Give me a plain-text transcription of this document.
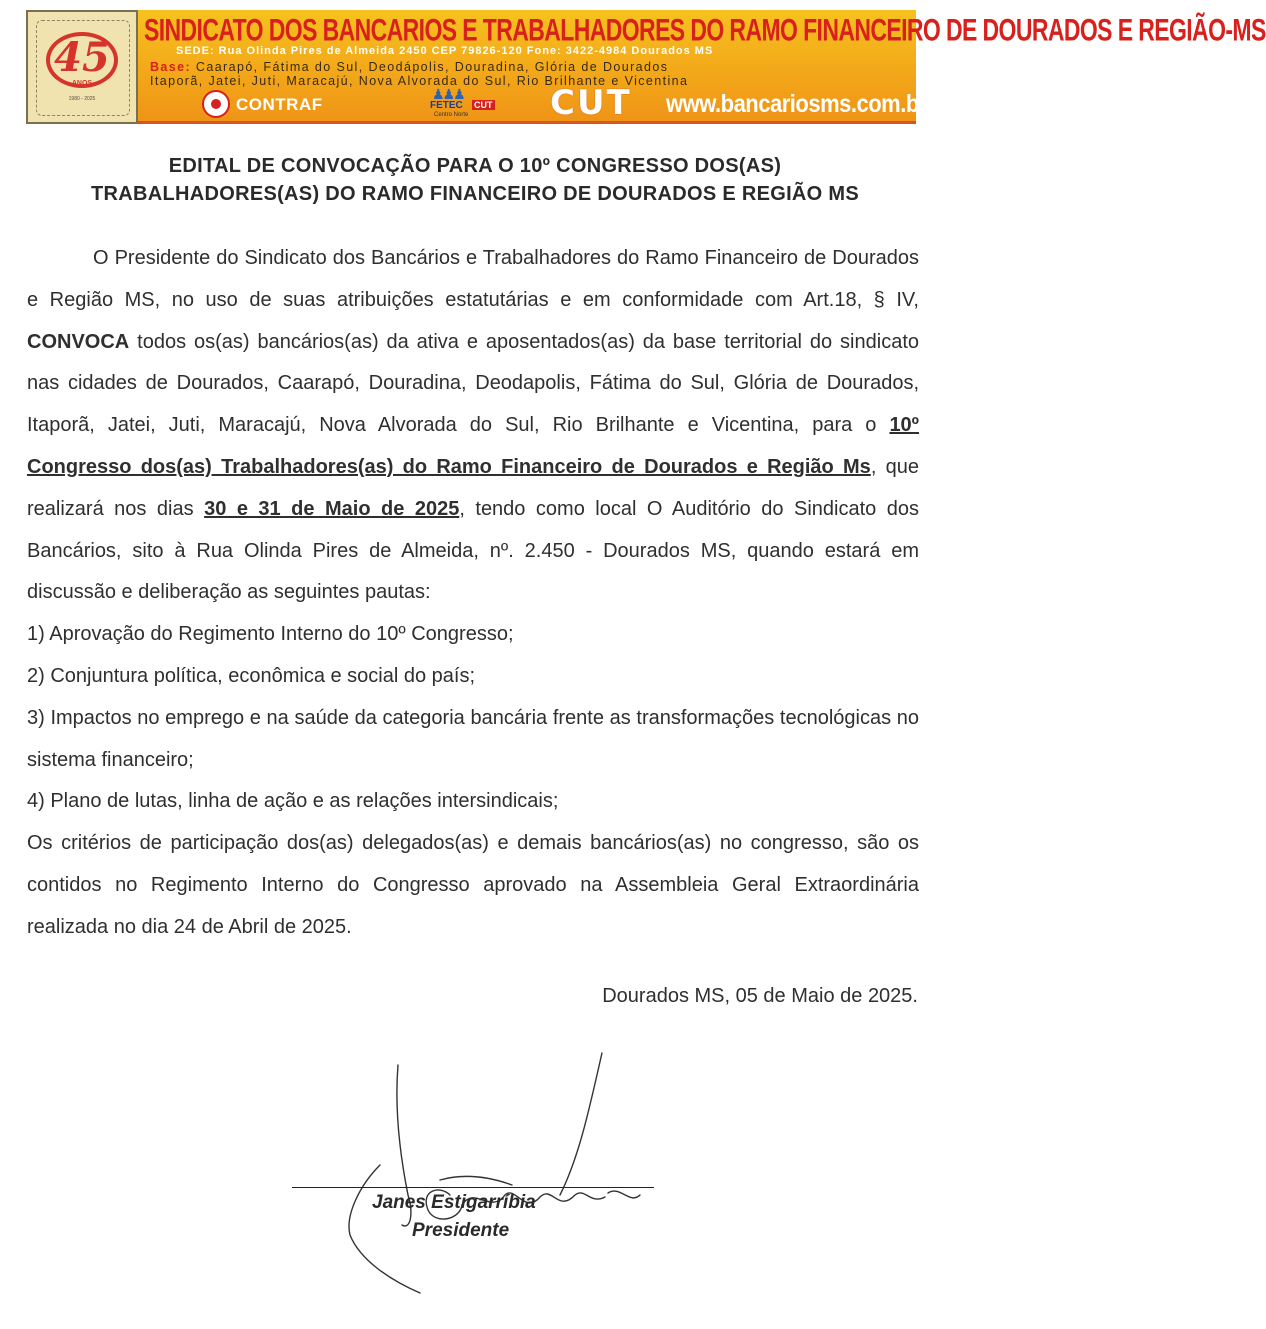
45
ANOS
1980 - 2025
SINDICATO DOS BANCARIOS E TRABALHADORES DO RAMO FINANCEIRO DE DOURADOS E REGIÃO-MS
SEDE: Rua Olinda Pires de Almeida 2450 CEP 79826-120 Fone: 3422-4984 Dourados MS
Base: Caarapó, Fátima do Sul, Deodápolis, Douradina, Glória de Dourados
Itaporã, Jatei, Juti, Maracajú, Nova Alvorada do Sul, Rio Brilhante e Vicentina
CONTRAF
♟♟♟
FETEC CUT
Centro Norte CUT www.bancariosms.com.br
EDITAL DE CONVOCAÇÃO PARA O 10º CONGRESSO DOS(AS)
TRABALHADORES(AS) DO RAMO FINANCEIRO DE DOURADOS E REGIÃO MS

O Presidente do Sindicato dos Bancários e Trabalhadores do Ramo Financeiro de Dourados e Região MS, no uso de suas atribuições estatutárias e em conformidade com Art.18, § IV, CONVOCA todos os(as) bancários(as) da ativa e aposentados(as) da base territorial do sindicato nas cidades de Dourados, Caarapó, Douradina, Deodapolis, Fátima do Sul, Glória de Dourados, Itaporã, Jatei, Juti, Maracajú, Nova Alvorada do Sul, Rio Brilhante e Vicentina, para o 10º Congresso dos(as) Trabalhadores(as) do Ramo Financeiro de Dourados e Região Ms, que realizará nos dias 30 e 31 de Maio de 2025, tendo como local O Auditório do Sindicato dos Bancários, sito à Rua Olinda Pires de Almeida, nº. 2.450 - Dourados MS, quando estará em discussão e deliberação as seguintes pautas:

1) Aprovação do Regimento Interno do 10º Congresso;

2) Conjuntura política, econômica e social do país;

3) Impactos no emprego e na saúde da categoria bancária frente as transformações tecnológicas no sistema financeiro;

4) Plano de lutas, linha de ação e as relações intersindicais;

Os critérios de participação dos(as) delegados(as) e demais bancários(as) no congresso, são os contidos no Regimento Interno do Congresso aprovado na Assembleia Geral Extraordinária realizada no dia 24 de Abril de 2025.

Dourados MS, 05 de Maio de 2025.
Janes Estigarríbia
Presidente
